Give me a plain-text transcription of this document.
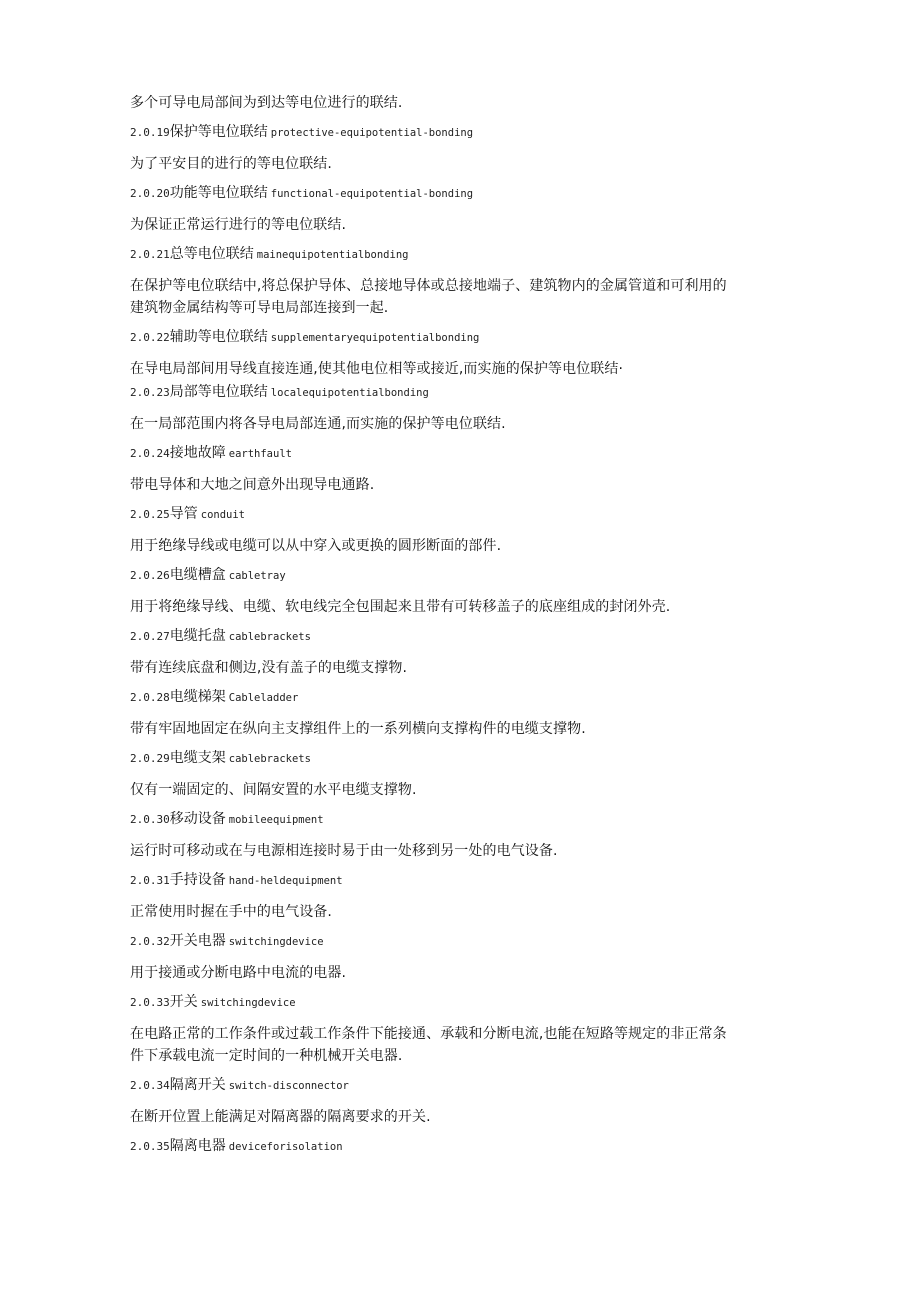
多个可导电局部间为到达等电位进行的联结.

2.0.19保护等电位联结 protective-equipotential-bonding

为了平安目的进行的等电位联结.

2.0.20功能等电位联结 functional-equipotential-bonding

为保证正常运行进行的等电位联结.

2.0.21总等电位联结 mainequipotentialbonding

在保护等电位联结中,将总保护导体、总接地导体或总接地端子、建筑物内的金属管道和可利用的

建筑物金属结构等可导电局部连接到一起.

2.0.22辅助等电位联结 supplementaryequipotentialbonding

在导电局部间用导线直接连通,使其他电位相等或接近,而实施的保护等电位联结·

2.0.23局部等电位联结 localequipotentialbonding

在一局部范围内将各导电局部连通,而实施的保护等电位联结.

2.0.24接地故障 earthfault

带电导体和大地之间意外出现导电通路.

2.0.25导管 conduit

用于绝缘导线或电缆可以从中穿入或更换的圆形断面的部件.

2.0.26电缆槽盒 cabletray

用于将绝缘导线、电缆、软电线完全包围起来且带有可转移盖子的底座组成的封闭外壳.

2.0.27电缆托盘 cablebrackets

带有连续底盘和侧边,没有盖子的电缆支撑物.

2.0.28电缆梯架 Cableladder

带有牢固地固定在纵向主支撑组件上的一系列横向支撑构件的电缆支撑物.

2.0.29电缆支架 cablebrackets

仅有一端固定的、间隔安置的水平电缆支撑物.

2.0.30移动设备 mobileequipment

运行时可移动或在与电源相连接时易于由一处移到另一处的电气设备.

2.0.31手持设备 hand-heldequipment

正常使用时握在手中的电气设备.

2.0.32开关电器 switchingdevice

用于接通或分断电路中电流的电器.

2.0.33开关 switchingdevice

在电路正常的工作条件或过载工作条件下能接通、承载和分断电流,也能在短路等规定的非正常条

件下承载电流一定时间的一种机械开关电器.

2.0.34隔离开关 switch-disconnector

在断开位置上能满足对隔离器的隔离要求的开关.

2.0.35隔离电器 deviceforisolation
